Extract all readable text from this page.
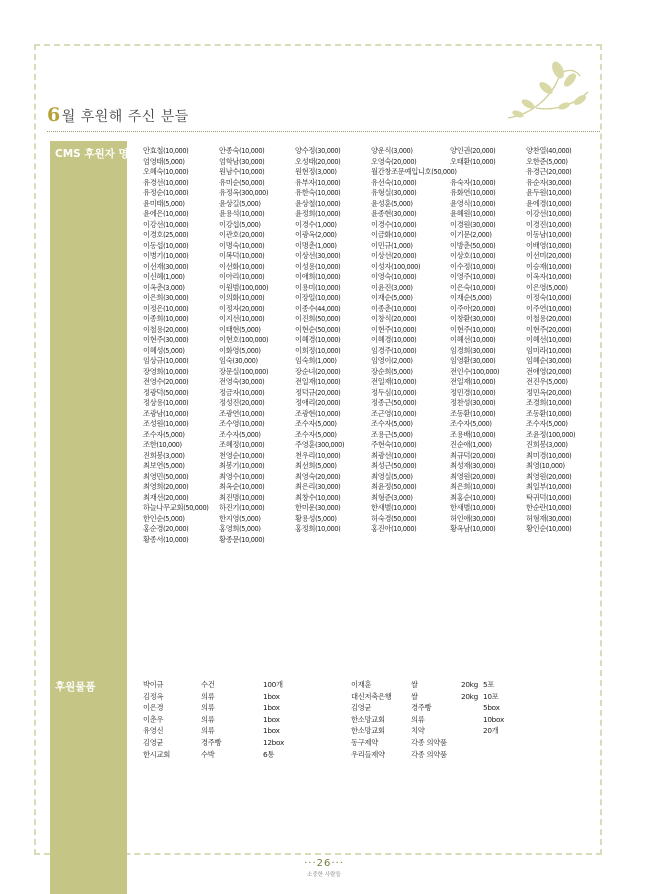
6월 후원해 주신 분들
CMS 후원자 명단
후원물품
안효철(10,000)	안종숙(10,000)	양수정(30,000)	양운식(3,000)	양인권(20,000)	양찬열(40,000)
엄영태(5,000)	엄학남(30,000)	오성태(20,000)	오영숙(20,000)	오태환(10,000)	오한준(5,000)
오혜숙(10,000)	원남수(10,000)	원현정(3,000)	월간창조문예입니호(50,000)	유경근(20,000)
유경선(10,000)	유미순(50,000)	유부자(10,000)	유선숙(10,000)	유숙자(10,000)	유순자(30,000)
유정순(10,000)	유정옥(300,000)	유한숙(10,000)	유형실(30,000)	유화연(10,000)	윤두원(10,000)
윤미태(5,000)	윤상길(5,000)	윤상철(10,000)	윤성훈(5,000)	윤영식(10,000)	윤에경(10,000)
윤에은(10,000)	윤용석(10,000)	윤정희(10,000)	윤종현(30,000)	윤혜원(10,000)	이강선(10,000)
이강선(10,000)	이강섭(5,000)	이경수(1,000)	이경수(10,000)	이경원(30,000)	이경진(10,000)
이경호(25,000)	이관호(20,000)	이광옥(2,000)	이금화(10,000)	이기문(2,000)	이동남(10,000)
이동섭(10,000)	이명숙(10,000)	이명춘(1,000)	이민규(1,000)	이방춘(50,000)	이배영(10,000)
이병기(10,000)	이복덕(10,000)	이상선(30,000)	이상선(20,000)	이상호(10,000)	이선미(20,000)
이선재(30,000)	이선화(10,000)	이성용(10,000)	이성자(100,000)	이수정(10,000)	이승재(10,000)
이신혜(1,000)	이아리(10,000)	이애희(10,000)	이영숙(10,000)	이영주(10,000)	이옥자(10,000)
이옥춘(3,000)	이원범(100,000)	이용미(10,000)	이윤진(3,000)	이은숙(10,000)	이은영(5,000)
이은희(30,000)	이의화(10,000)	이장일(10,000)	이재순(5,000)	이재순(5,000)	이정숙(10,000)
이정은(10,000)	이정자(20,000)	이종수(44,000)	이종춘(10,000)	이주아(20,000)	이주연(10,000)
이종희(10,000)	이지선(10,000)	이진희(50,000)	이창식(20,000)	이창환(30,000)	이철용(20,000)
이철용(20,000)	이태현(5,000)	이현순(50,000)	이현주(10,000)	이현주(10,000)	이현주(20,000)
이현주(30,000)	이현호(100,000)	이혜경(10,000)	이혜경(10,000)	이혜선(10,000)	이혜선(10,000)
이혜성(5,000)	이화영(5,000)	이희정(10,000)	임경주(10,000)	임경희(30,000)	임미라(10,000)
임상규(10,000)	임숙(30,000)	임숙희(1,000)	임영이(2,000)	임영환(30,000)	임혜순(30,000)
장영희(10,000)	장문실(100,000)	장순녀(20,000)	장순희(5,000)	전인수(100,000)	전애영(20,000)
전영수(20,000)	전영숙(30,000)	전일재(10,000)	전일재(10,000)	전일재(10,000)	전진우(5,000)
정광덕(50,000)	정금자(10,000)	정덕규(20,000)	정두심(10,000)	정민경(10,000)	정민옥(20,000)
정상용(10,000)	정성진(20,000)	정애리(20,000)	정종근(50,000)	정찬성(30,000)	조경희(10,000)
조광남(10,000)	조광연(10,000)	조광현(10,000)	조근영(10,000)	조동환(10,000)	조동환(10,000)
조성원(10,000)	조수영(10,000)	조수자(5,000)	조수자(5,000)	조수자(5,000)	조수자(5,000)
조수자(5,000)	조수자(5,000)	조수자(5,000)	조용근(5,000)	조용배(10,000)	조윤정(100,000)
조한(10,000)	조혜정(10,000)	주영훈(300,000)	주현숙(10,000)	진순애(1,000)	진희봉(3,000)
진희봉(3,000)	천영순(10,000)	천우리(10,000)	최광선(10,000)	최규덕(20,000)	최미경(10,000)
최보연(5,000)	최봉기(10,000)	최선희(5,000)	최성근(50,000)	최성재(30,000)	최영(10,000)
최영민(50,000)	최영수(10,000)	최영숙(20,000)	최영실(5,000)	최영원(20,000)	최영원(20,000)
최영희(20,000)	최옥순(10,000)	최은리(30,000)	최윤정(50,000)	최은희(10,000)	최일부(10,000)
최재선(20,000)	최진명(10,000)	최창수(10,000)	최형준(3,000)	최홍순(10,000)	탁귀덕(10,000)
하늘나무교회(50,000)	하진기(10,000)	한미운(30,000)	한새별(10,000)	한새별(10,000)	한순란(10,000)
한인순(5,000)	한지영(5,000)	황용성(5,000)	허숙경(50,000)	허인애(30,000)	허형재(30,000)
홍순경(20,000)	홍영희(5,000)	홍정희(10,000)	홍진아(10,000)	황옥남(10,000)	황인순(10,000)
황종서(10,000)	황종문(10,000)
박이규	수건	100개	이재훈	쌀	20kg 5포
김정옥	의류	1box	대신저축은행	쌀	20kg 10포
이은경	의류	1box	김영균	경주빵	5box
이춘우	의류	1box	한소망교회	의류	10box
유영신	의류	1box	한소망교회	치약	20개
김영균	경주빵	12box	동구제약	각종 의약품
한시교회	수박	6통	우리들제약	각종 의약품
···26···
소중한 사람들
